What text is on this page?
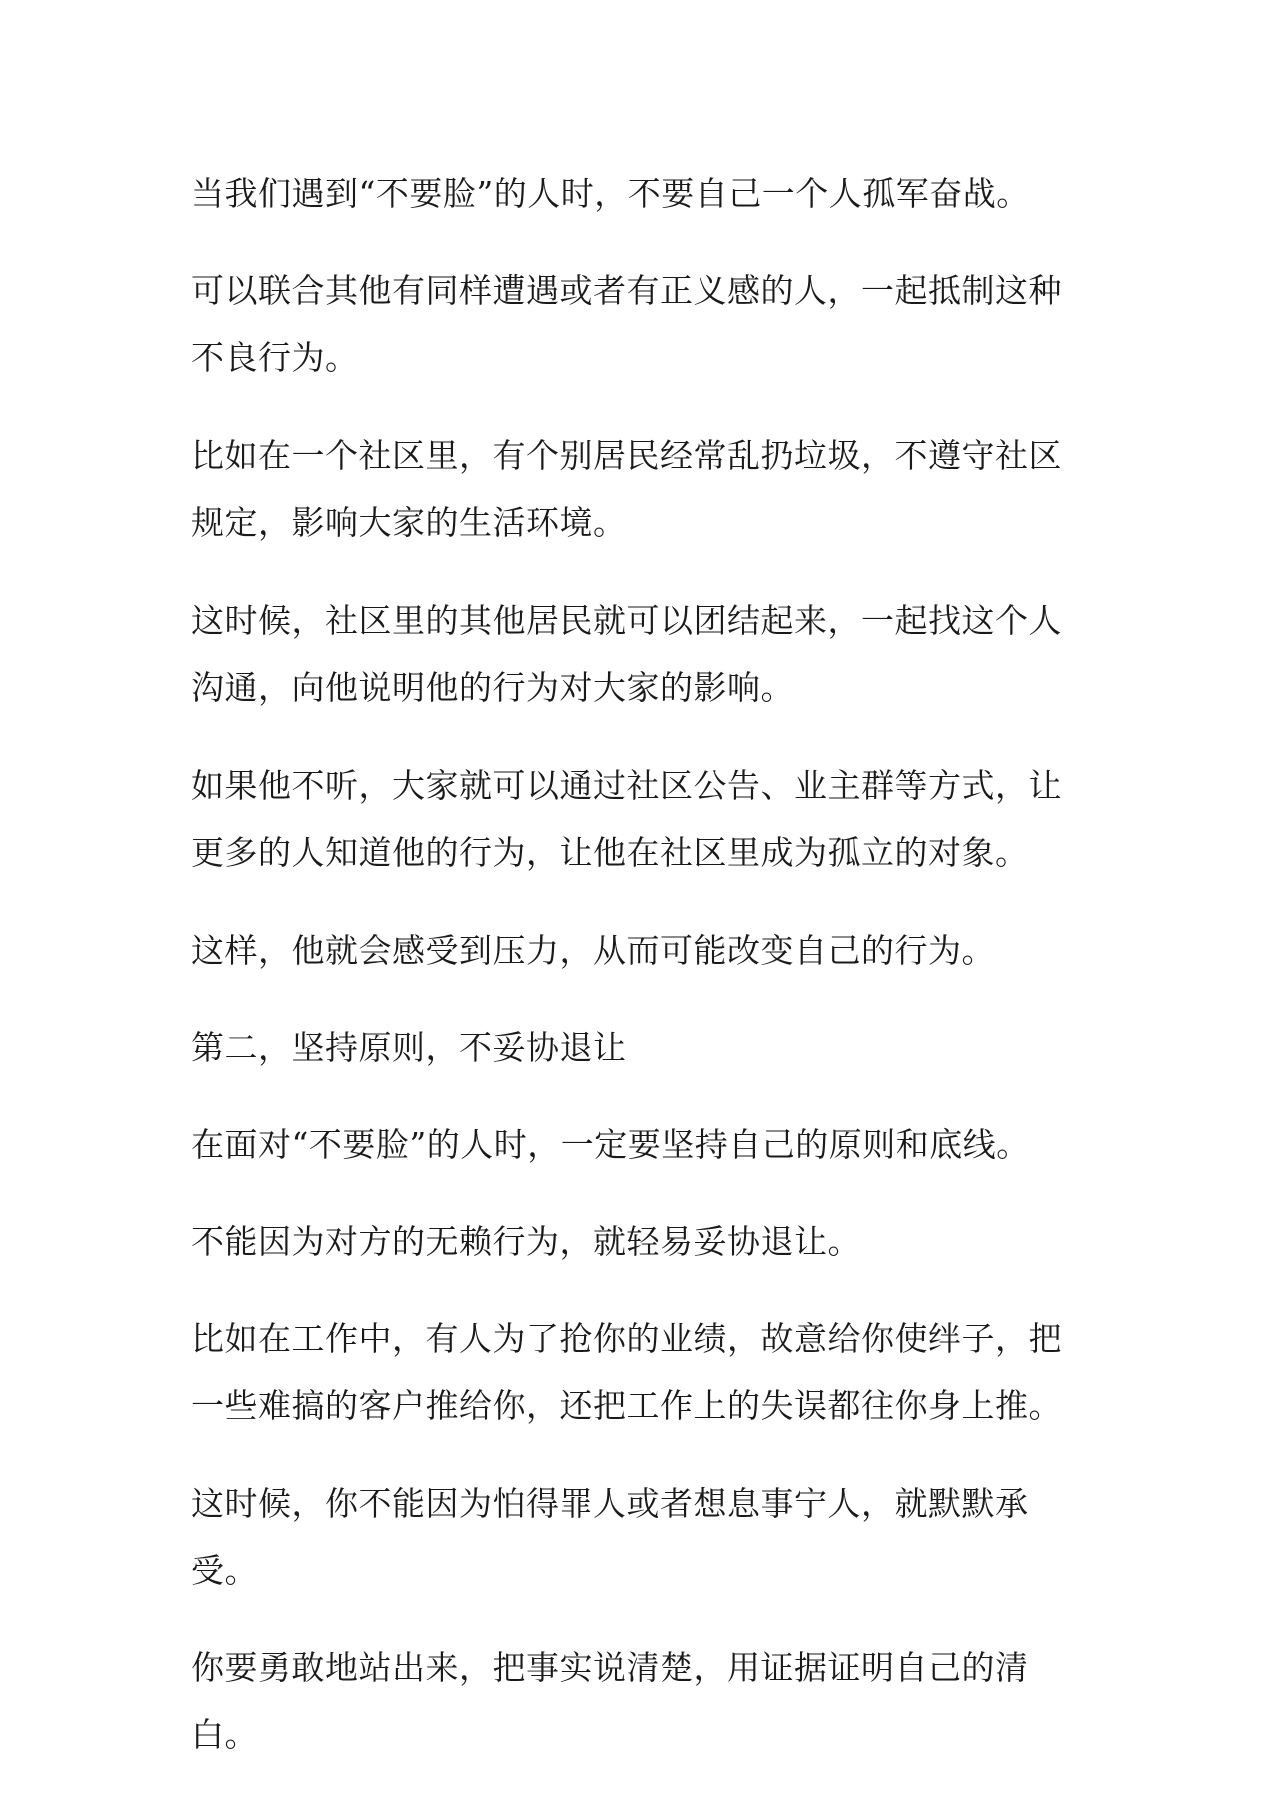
当我们遇到“不要脸”的人时，不要自己一个人孤军奋战。

可以联合其他有同样遭遇或者有正义感的人，一起抵制这种不良行为。

比如在一个社区里，有个别居民经常乱扔垃圾，不遵守社区规定，影响大家的生活环境。

这时候，社区里的其他居民就可以团结起来，一起找这个人沟通，向他说明他的行为对大家的影响。

如果他不听，大家就可以通过社区公告、业主群等方式，让更多的人知道他的行为，让他在社区里成为孤立的对象。

这样，他就会感受到压力，从而可能改变自己的行为。

第二，坚持原则，不妥协退让

在面对“不要脸”的人时，一定要坚持自己的原则和底线。

不能因为对方的无赖行为，就轻易妥协退让。

比如在工作中，有人为了抢你的业绩，故意给你使绊子，把一些难搞的客户推给你，还把工作上的失误都往你身上推。

这时候，你不能因为怕得罪人或者想息事宁人，就默默承受。

你要勇敢地站出来，把事实说清楚，用证据证明自己的清白。
